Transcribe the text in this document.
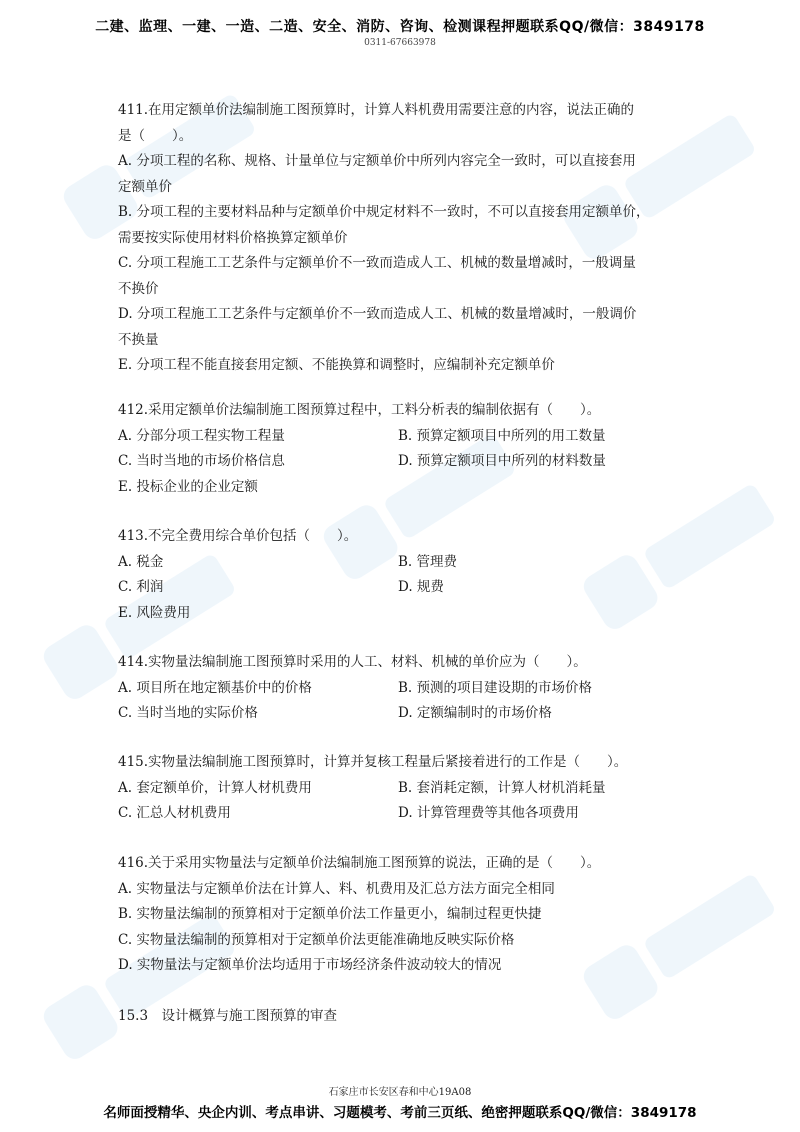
二建、监理、一建、一造、二造、安全、消防、咨询、检测课程押题联系QQ/微信：3849178
0311-67663978
411.在用定额单价法编制施工图预算时，计算人料机费用需要注意的内容，说法正确的
是（　　）。
A. 分项工程的名称、规格、计量单位与定额单价中所列内容完全一致时，可以直接套用
定额单价
B. 分项工程的主要材料品种与定额单价中规定材料不一致时，不可以直接套用定额单价，
需要按实际使用材料价格换算定额单价
C. 分项工程施工工艺条件与定额单价不一致而造成人工、机械的数量增减时，一般调量
不换价
D. 分项工程施工工艺条件与定额单价不一致而造成人工、机械的数量增减时，一般调价
不换量
E. 分项工程不能直接套用定额、不能换算和调整时，应编制补充定额单价
412.采用定额单价法编制施工图预算过程中，工料分析表的编制依据有（　　）。
A. 分部分项工程实物工程量	B. 预算定额项目中所列的用工数量
C. 当时当地的市场价格信息	D. 预算定额项目中所列的材料数量
E. 投标企业的企业定额
413.不完全费用综合单价包括（　　）。
A. 税金	B. 管理费
C. 利润	D. 规费
E. 风险费用
414.实物量法编制施工图预算时采用的人工、材料、机械的单价应为（　　）。
A. 项目所在地定额基价中的价格	B. 预测的项目建设期的市场价格
C. 当时当地的实际价格	D. 定额编制时的市场价格
415.实物量法编制施工图预算时，计算并复核工程量后紧接着进行的工作是（　　）。
A. 套定额单价，计算人材机费用	B. 套消耗定额，计算人材机消耗量
C. 汇总人材机费用	D. 计算管理费等其他各项费用
416.关于采用实物量法与定额单价法编制施工图预算的说法，正确的是（　　）。
A. 实物量法与定额单价法在计算人、料、机费用及汇总方法方面完全相同
B. 实物量法编制的预算相对于定额单价法工作量更小，编制过程更快捷
C. 实物量法编制的预算相对于定额单价法更能准确地反映实际价格
D. 实物量法与定额单价法均适用于市场经济条件波动较大的情况
15.3　设计概算与施工图预算的审查
石家庄市长安区春和中心19A08
名师面授精华、央企内训、考点串讲、习题模考、考前三页纸、绝密押题联系QQ/微信：3849178
